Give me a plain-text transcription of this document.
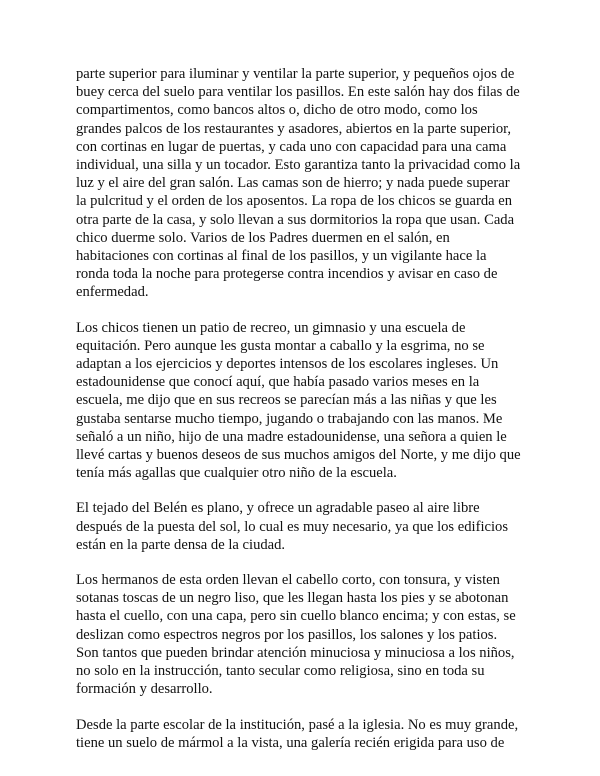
parte superior para iluminar y ventilar la parte superior, y pequeños ojos de
buey cerca del suelo para ventilar los pasillos. En este salón hay dos filas de
compartimentos, como bancos altos o, dicho de otro modo, como los
grandes palcos de los restaurantes y asadores, abiertos en la parte superior,
con cortinas en lugar de puertas, y cada uno con capacidad para una cama
individual, una silla y un tocador. Esto garantiza tanto la privacidad como la
luz y el aire del gran salón. Las camas son de hierro; y nada puede superar
la pulcritud y el orden de los aposentos. La ropa de los chicos se guarda en
otra parte de la casa, y solo llevan a sus dormitorios la ropa que usan. Cada
chico duerme solo. Varios de los Padres duermen en el salón, en
habitaciones con cortinas al final de los pasillos, y un vigilante hace la
ronda toda la noche para protegerse contra incendios y avisar en caso de
enfermedad.

Los chicos tienen un patio de recreo, un gimnasio y una escuela de
equitación. Pero aunque les gusta montar a caballo y la esgrima, no se
adaptan a los ejercicios y deportes intensos de los escolares ingleses. Un
estadounidense que conocí aquí, que había pasado varios meses en la
escuela, me dijo que en sus recreos se parecían más a las niñas y que les
gustaba sentarse mucho tiempo, jugando o trabajando con las manos. Me
señaló a un niño, hijo de una madre estadounidense, una señora a quien le
llevé cartas y buenos deseos de sus muchos amigos del Norte, y me dijo que
tenía más agallas que cualquier otro niño de la escuela.

El tejado del Belén es plano, y ofrece un agradable paseo al aire libre
después de la puesta del sol, lo cual es muy necesario, ya que los edificios
están en la parte densa de la ciudad.

Los hermanos de esta orden llevan el cabello corto, con tonsura, y visten
sotanas toscas de un negro liso, que les llegan hasta los pies y se abotonan
hasta el cuello, con una capa, pero sin cuello blanco encima; y con estas, se
deslizan como espectros negros por los pasillos, los salones y los patios.
Son tantos que pueden brindar atención minuciosa y minuciosa a los niños,
no solo en la instrucción, tanto secular como religiosa, sino en toda su
formación y desarrollo.

Desde la parte escolar de la institución, pasé a la iglesia. No es muy grande,
tiene un suelo de mármol a la vista, una galería recién erigida para uso de
